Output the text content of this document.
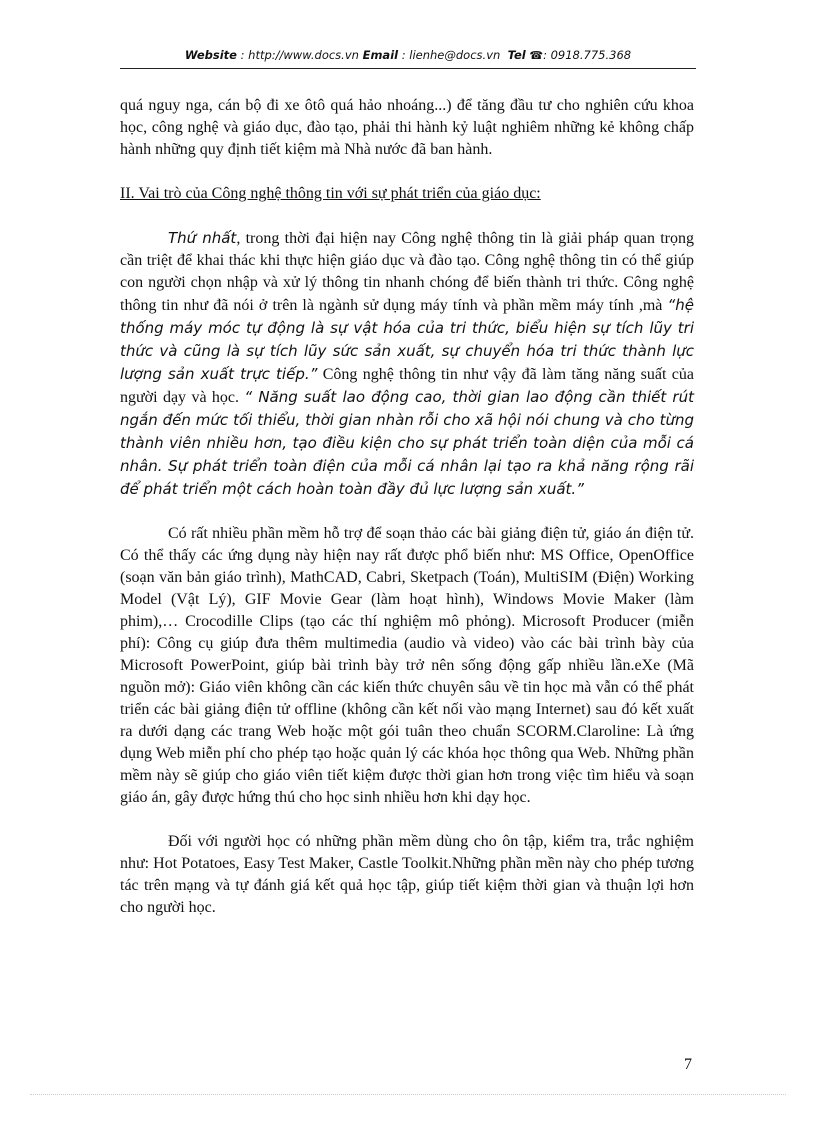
Website : http://www.docs.vn Email : lienhe@docs.vn Tel ☎: 0918.775.368

quá nguy nga, cán bộ đi xe ôtô quá hảo nhoáng...) để tăng đầu tư cho nghiên cứu khoa học, công nghệ và giáo dục, đào tạo, phải thi hành kỷ luật nghiêm những kẻ không chấp hành những quy định tiết kiệm mà Nhà nước đã ban hành.

II. Vai trò của Công nghệ thông tin với sự phát triển của giáo dục:

Thứ nhất, trong thời đại hiện nay Công nghệ thông tin là giải pháp quan trọng cần triệt để khai thác khi thực hiện giáo dục và đào tạo. Công nghệ thông tin có thể giúp con người chọn nhập và xử lý thông tin nhanh chóng để biến thành tri thức. Công nghệ thông tin như đã nói ở trên là ngành sử dụng máy tính và phần mềm máy tính ,mà “hệ thống máy móc tự động là sự vật hóa của tri thức, biểu hiện sự tích lũy tri thức và cũng là sự tích lũy sức sản xuất, sự chuyển hóa tri thức thành lực lượng sản xuất trực tiếp.” Công nghệ thông tin như vậy đã làm tăng năng suất của người dạy và học. “ Năng suất lao động cao, thời gian lao động cần thiết rút ngắn đến mức tối thiểu, thời gian nhàn rỗi cho xã hội nói chung và cho từng thành viên nhiều hơn, tạo điều kiện cho sự phát triển toàn diện của mỗi cá nhân. Sự phát triển toàn điện của mỗi cá nhân lại tạo ra khả năng rộng rãi để phát triển một cách hoàn toàn đầy đủ lực lượng sản xuất.”

Có rất nhiều phần mềm hỗ trợ để soạn thảo các bài giảng điện tử, giáo án điện tử. Có thể thấy các ứng dụng này hiện nay rất được phổ biến như: MS Office, OpenOffice (soạn văn bản giáo trình), MathCAD, Cabri, Sketpach (Toán), MultiSIM (Điện) Working Model (Vật Lý), GIF Movie Gear (làm hoạt hình), Windows Movie Maker (làm phim),… Crocodille Clips (tạo các thí nghiệm mô phỏng). Microsoft Producer (miễn phí): Công cụ giúp đưa thêm multimedia (audio và video) vào các bài trình bày của Microsoft PowerPoint, giúp bài trình bày trở nên sống động gấp nhiều lần.eXe (Mã nguồn mở): Giáo viên không cần các kiến thức chuyên sâu về tin học mà vẫn có thể phát triển các bài giảng điện tử offline (không cần kết nối vào mạng Internet) sau đó kết xuất ra dưới dạng các trang Web hoặc một gói tuân theo chuẩn SCORM.Claroline: Là ứng dụng Web miễn phí cho phép tạo hoặc quản lý các khóa học thông qua Web. Những phần mềm này sẽ giúp cho giáo viên tiết kiệm được thời gian hơn trong việc tìm hiểu và soạn giáo án, gây được hứng thú cho học sinh nhiều hơn khi dạy học.

Đối với người học có những phần mềm dùng cho ôn tập, kiểm tra, trắc nghiệm như: Hot Potatoes, Easy Test Maker, Castle Toolkit.Những phần mền này cho phép tương tác trên mạng và tự đánh giá kết quả học tập, giúp tiết kiệm thời gian và thuận lợi hơn cho người học.

7
